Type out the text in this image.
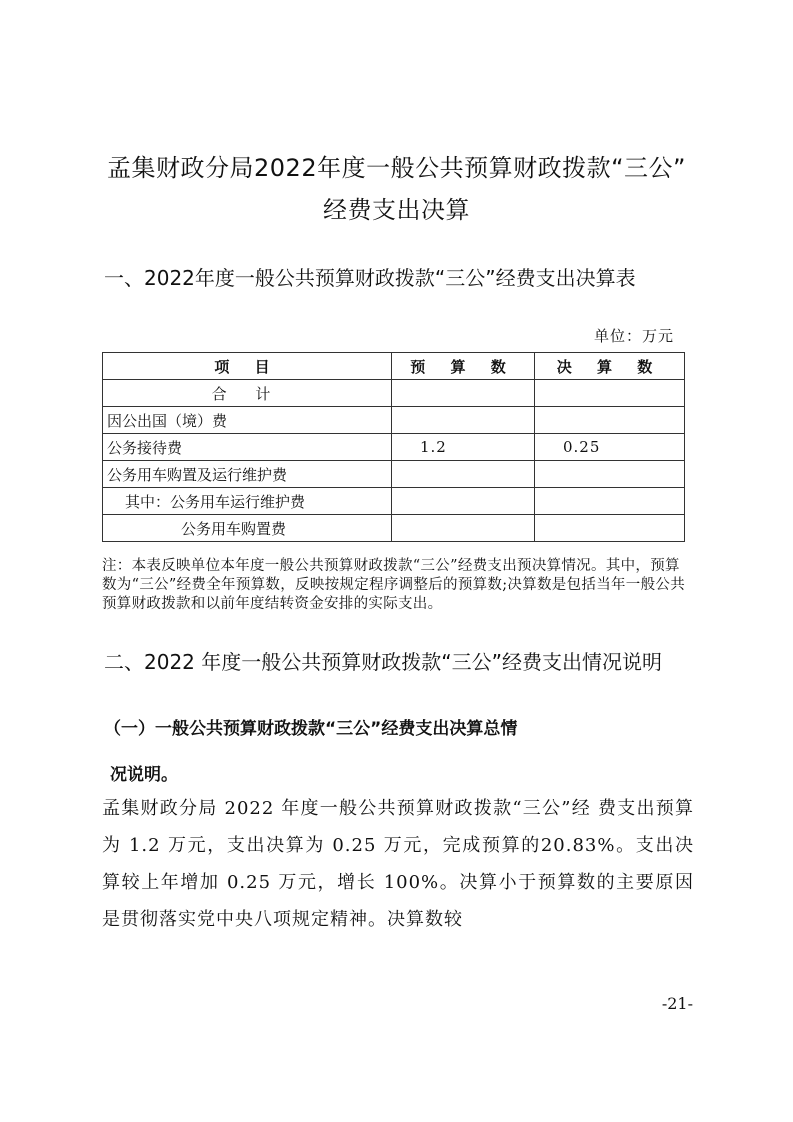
孟集财政分局2022年度一般公共预算财政拨款“三公”
经费支出决算
一、2022年度一般公共预算财政拨款“三公”经费支出决算表
单位：万元
项 目	预 算 数	决 算 数
合 计		
因公出国（境）费		
公务接待费	1.2	0.25
公务用车购置及运行维护费		
其中：公务用车运行维护费		
公务用车购置费		
注：本表反映单位本年度一般公共预算财政拨款“三公”经费支出预决算情况。其中，预算数为“三公”经费全年预算数，反映按规定程序调整后的预算数;决算数是包括当年一般公共预算财政拨款和以前年度结转资金安排的实际支出。
二、2022 年度一般公共预算财政拨款“三公”经费支出情况说明
（一）一般公共预算财政拨款“三公”经费支出决算总情
况说明。
孟集财政分局 2022 年度一般公共预算财政拨款“三公”经 费支出预算为 1.2 万元，支出决算为 0.25 万元，完成预算的20.83%。支出决算较上年增加 0.25 万元，增长 100%。决算小于预算数的主要原因是贯彻落实党中央八项规定精神。决算数较
-21-
